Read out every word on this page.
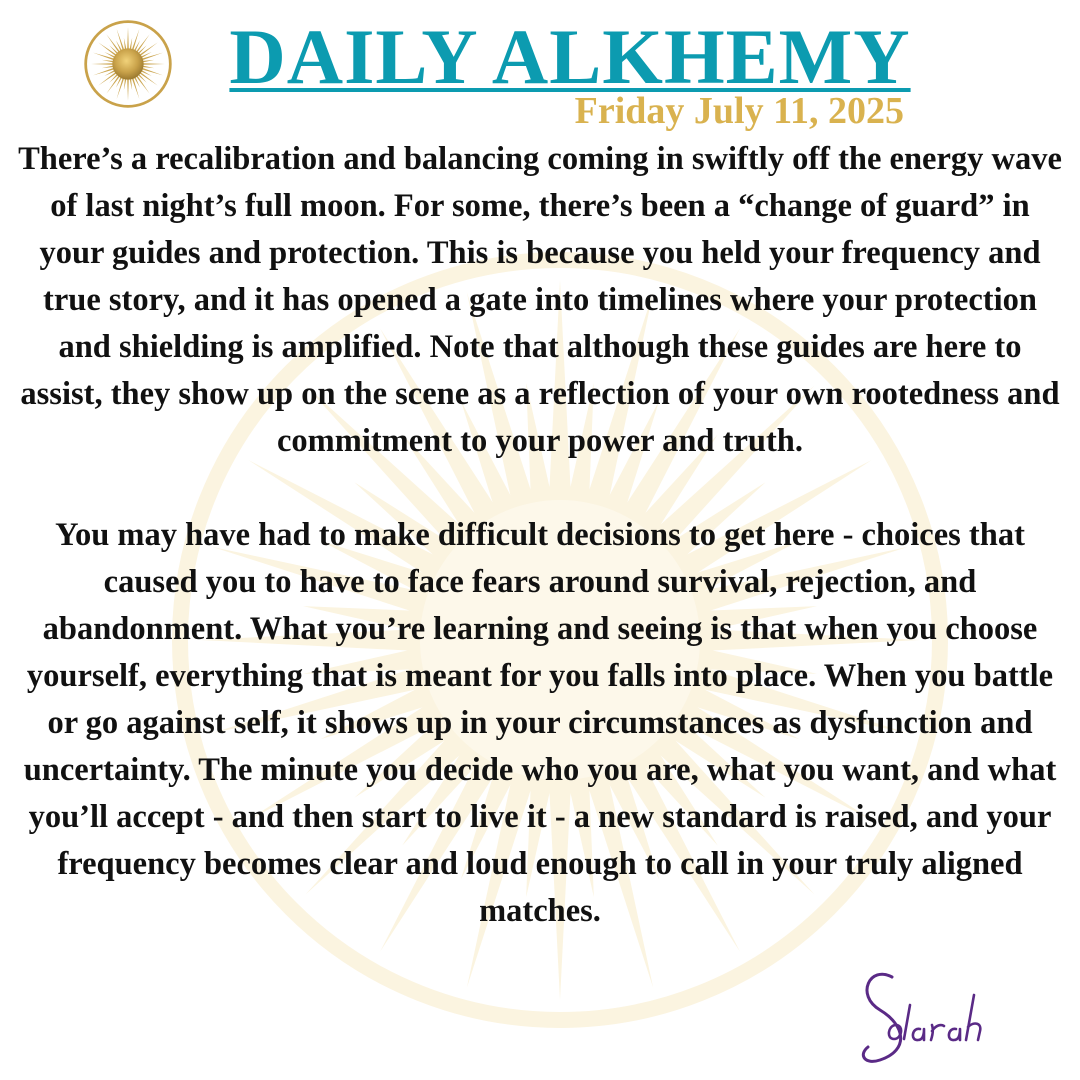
DAILY ALKHEMY
Friday July 11, 2025

There’s a recalibration and balancing coming in swiftly off the energy wave of last night’s full moon. For some, there’s been a “change of guard” in your guides and protection. This is because you held your frequency and true story, and it has opened a gate into timelines where your protection and shielding is amplified. Note that although these guides are here to assist, they show up on the scene as a reflection of your own rootedness and commitment to your power and truth.

You may have had to make difficult decisions to get here - choices that caused you to have to face fears around survival, rejection, and abandonment. What you’re learning and seeing is that when you choose yourself, everything that is meant for you falls into place. When you battle or go against self, it shows up in your circumstances as dysfunction and uncertainty. The minute you decide who you are, what you want, and what you’ll accept - and then start to live it - a new standard is raised, and your frequency becomes clear and loud enough to call in your truly aligned matches.
